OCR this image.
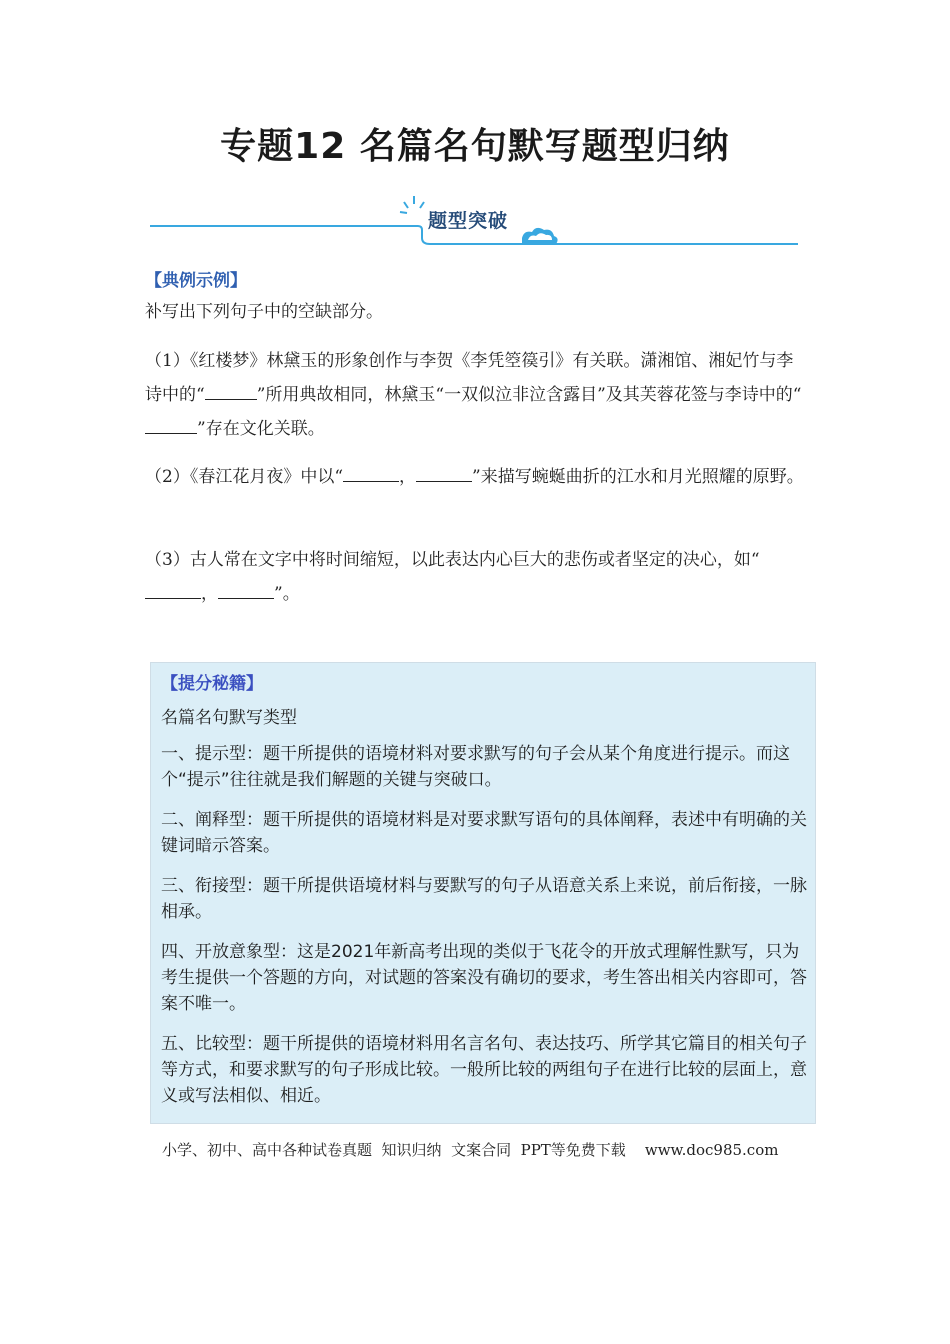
专题12 名篇名句默写题型归纳
题型突破
【典例示例】
补写出下列句子中的空缺部分。
（1）《红楼梦》林黛玉的形象创作与李贺《李凭箜篌引》有关联。潇湘馆、湘妃竹与李诗中的“	”所用典故相同，林黛玉“一双似泣非泣含露目”及其芙蓉花签与李诗中的“”存在文化关联。
（2）《春江花月夜》中以“	，	”来描写蜿蜒曲折的江水和月光照耀的原野。
（3）古人常在文字中将时间缩短，以此表达内心巨大的悲伤或者坚定的决心，如“，	”。
【提分秘籍】
名篇名句默写类型
一、提示型：题干所提供的语境材料对要求默写的句子会从某个角度进行提示。而这个“提示”往往就是我们解题的关键与突破口。
二、阐释型：题干所提供的语境材料是对要求默写语句的具体阐释，表述中有明确的关键词暗示答案。
三、衔接型：题干所提供语境材料与要默写的句子从语意关系上来说，前后衔接，一脉相承。
四、开放意象型：这是2021年新高考出现的类似于飞花令的开放式理解性默写，只为考生提供一个答题的方向，对试题的答案没有确切的要求，考生答出相关内容即可，答案不唯一。
五、比较型：题干所提供的语境材料用名言名句、表达技巧、所学其它篇目的相关句子等方式，和要求默写的句子形成比较。一般所比较的两组句子在进行比较的层面上，意义或写法相似、相近。
小学、初中、高中各种试卷真题  知识归纳  文案合同  PPT等免费下载    www.doc985.com
